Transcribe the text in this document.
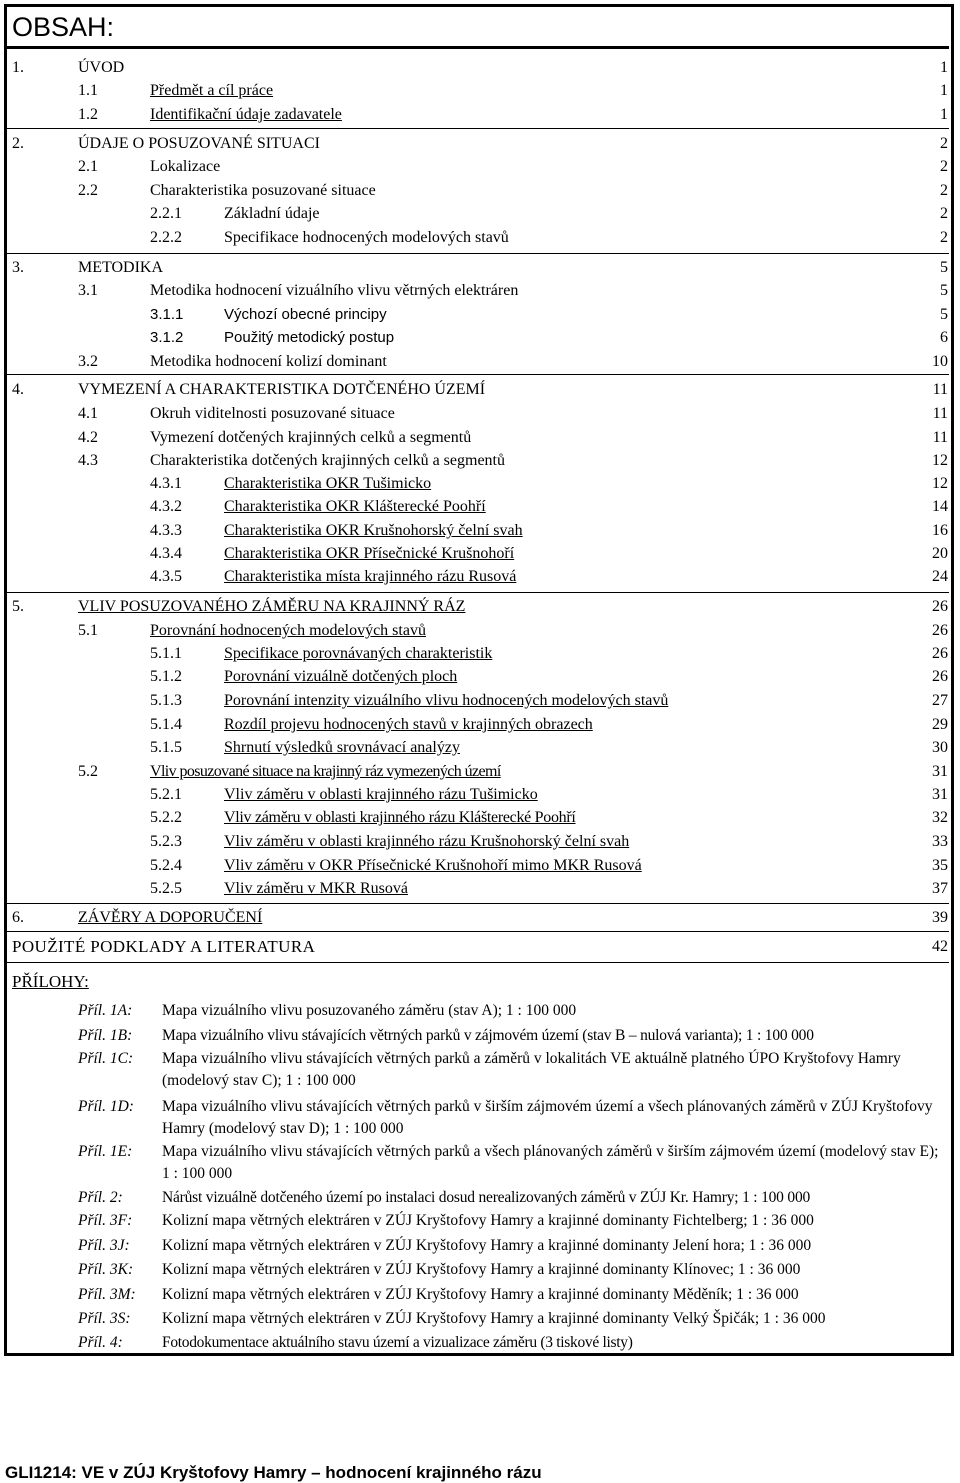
OBSAH:
1.	ÚVOD	1
1.1	Předmět a cíl práce	1
1.2	Identifikační údaje zadavatele	1
2.	ÚDAJE O POSUZOVANÉ SITUACI	2
2.1	Lokalizace	2
2.2	Charakteristika posuzované situace	2
2.2.1	Základní údaje	2
2.2.2	Specifikace hodnocených modelových stavů	2
3.	METODIKA	5
3.1	Metodika hodnocení vizuálního vlivu větrných elektráren	5
3.1.1	Výchozí obecné principy	5
3.1.2	Použitý metodický postup	6
3.2	Metodika hodnocení kolizí dominant	10
4.	VYMEZENÍ A CHARAKTERISTIKA DOTČENÉHO ÚZEMÍ	11
4.1	Okruh viditelnosti posuzované situace	11
4.2	Vymezení dotčených krajinných celků a segmentů	11
4.3	Charakteristika dotčených krajinných celků a segmentů	12
4.3.1	Charakteristika OKR Tušimicko	12
4.3.2	Charakteristika OKR Klášterecké Poohří	14
4.3.3	Charakteristika OKR Krušnohorský čelní svah	16
4.3.4	Charakteristika OKR Přísečnické Krušnohoří	20
4.3.5	Charakteristika místa krajinného rázu Rusová	24
5.	VLIV POSUZOVANÉHO ZÁMĚRU NA KRAJINNÝ RÁZ	26
5.1	Porovnání hodnocených modelových stavů	26
5.1.1	Specifikace porovnávaných charakteristik	26
5.1.2	Porovnání vizuálně dotčených ploch	26
5.1.3	Porovnání intenzity vizuálního vlivu hodnocených modelových stavů	27
5.1.4	Rozdíl projevu hodnocených stavů v krajinných obrazech	29
5.1.5	Shrnutí výsledků srovnávací analýzy	30
5.2	Vliv posuzované situace na krajinný ráz vymezených území	31
5.2.1	Vliv záměru v oblasti krajinného rázu Tušimicko	31
5.2.2	Vliv záměru v oblasti krajinného rázu Klášterecké Poohří	32
5.2.3	Vliv záměru v oblasti krajinného rázu Krušnohorský čelní svah	33
5.2.4	Vliv záměru v OKR Přísečnické Krušnohoří mimo MKR Rusová	35
5.2.5	Vliv záměru v MKR Rusová	37
6.	ZÁVĚRY A DOPORUČENÍ	39
POUŽITÉ PODKLADY A LITERATURA	42
PŘÍLOHY:
Příl. 1A: Mapa vizuálního vlivu posuzovaného záměru (stav A); 1 : 100 000
Příl. 1B: Mapa vizuálního vlivu stávajících větrných parků v zájmovém území (stav B – nulová varianta); 1 : 100 000
Příl. 1C: Mapa vizuálního vlivu stávajících větrných parků a záměrů v lokalitách VE aktuálně platného ÚPO Kryštofovy Hamry (modelový stav C); 1 : 100 000
Příl. 1D: Mapa vizuálního vlivu stávajících větrných parků v širším zájmovém území a všech plánovaných záměrů v ZÚJ Kryštofovy Hamry (modelový stav D); 1 : 100 000
Příl. 1E: Mapa vizuálního vlivu stávajících větrných parků a všech plánovaných záměrů v širším zájmovém území (modelový stav E); 1 : 100 000
Příl. 2:	Nárůst vizuálně dotčeného území po instalaci dosud nerealizovaných záměrů v ZÚJ Kr. Hamry; 1 : 100 000
Příl. 3F: Kolizní mapa větrných elektráren v ZÚJ Kryštofovy Hamry a krajinné dominanty Fichtelberg; 1 : 36 000
Příl. 3J: Kolizní mapa větrných elektráren v ZÚJ Kryštofovy Hamry a krajinné dominanty Jelení hora; 1 : 36 000
Příl. 3K: Kolizní mapa větrných elektráren v ZÚJ Kryštofovy Hamry a krajinné dominanty Klínovec; 1 : 36 000
Příl. 3M: Kolizní mapa větrných elektráren v ZÚJ Kryštofovy Hamry a krajinné dominanty Měděník; 1 : 36 000
Příl. 3S: Kolizní mapa větrných elektráren v ZÚJ Kryštofovy Hamry a krajinné dominanty Velký Špičák; 1 : 36 000
Příl. 4:	Fotodokumentace aktuálního stavu území a vizualizace záměru (3 tiskové listy)
GLI1214: VE v ZÚJ Kryštofovy Hamry – hodnocení krajinného rázu
